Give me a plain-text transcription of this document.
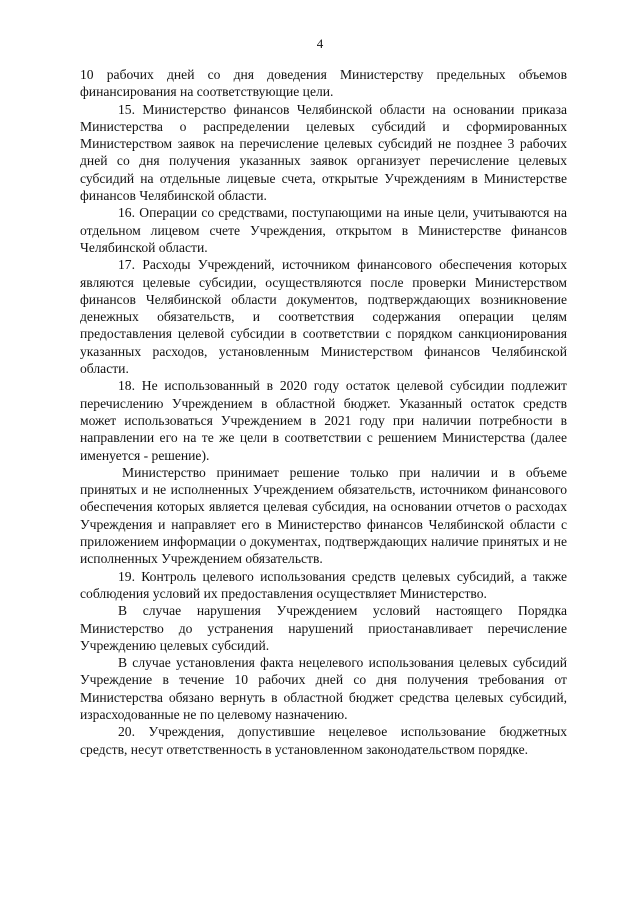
4

10 рабочих дней со дня доведения Министерству предельных объемов финансирования на соответствующие цели.

15. Министерство финансов Челябинской области на основании приказа Министерства о распределении целевых субсидий и сформированных Министерством заявок на перечисление целевых субсидий не позднее 3 рабочих дней со дня получения указанных заявок организует перечисление целевых субсидий на отдельные лицевые счета, открытые Учреждениям в Министерстве финансов Челябинской области.

16. Операции со средствами, поступающими на иные цели, учитываются на отдельном лицевом счете Учреждения, открытом в Министерстве финансов Челябинской области.

17. Расходы Учреждений, источником финансового обеспечения которых являются целевые субсидии, осуществляются после проверки Министерством финансов Челябинской области документов, подтверждающих возникновение денежных обязательств, и соответствия содержания операции целям предоставления целевой субсидии в соответствии с порядком санкционирования указанных расходов, установленным Министерством финансов Челябинской области.

18. Не использованный в 2020 году остаток целевой субсидии подлежит перечислению Учреждением в областной бюджет. Указанный остаток средств может использоваться Учреждением в 2021 году при наличии потребности в направлении его на те же цели в соответствии с решением Министерства (далее именуется - решение).

Министерство принимает решение только при наличии и в объеме принятых и не исполненных Учреждением обязательств, источником финансового обеспечения которых является целевая субсидия, на основании отчетов о расходах Учреждения и направляет его в Министерство финансов Челябинской области с приложением информации о документах, подтверждающих наличие принятых и не исполненных Учреждением обязательств.

19. Контроль целевого использования средств целевых субсидий, а также соблюдения условий их предоставления осуществляет Министерство.

В случае нарушения Учреждением условий настоящего Порядка Министерство до устранения нарушений приостанавливает перечисление Учреждению целевых субсидий.

В случае установления факта нецелевого использования целевых субсидий Учреждение в течение 10 рабочих дней со дня получения требования от Министерства обязано вернуть в областной бюджет средства целевых субсидий, израсходованные не по целевому назначению.

20. Учреждения, допустившие нецелевое использование бюджетных средств, несут ответственность в установленном законодательством порядке.
